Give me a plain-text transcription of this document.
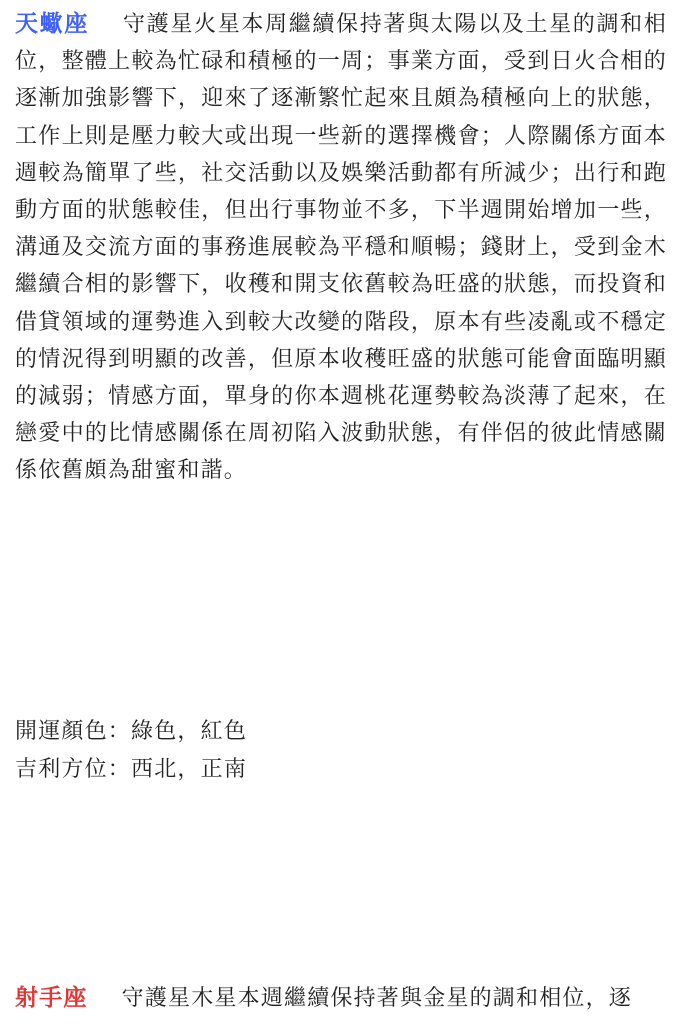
天蠍座 守護星火星本周繼續保持著與太陽以及土星的調和相位，整體上較為忙碌和積極的一周；事業方面，受到日火合相的逐漸加強影響下，迎來了逐漸繁忙起來且頗為積極向上的狀態，工作上則是壓力較大或出現一些新的選擇機會；人際關係方面本週較為簡單了些，社交活動以及娛樂活動都有所減少；出行和跑動方面的狀態較佳，但出行事物並不多，下半週開始增加一些，溝通及交流方面的事務進展較為平穩和順暢；錢財上，受到金木繼續合相的影響下，收穫和開支依舊較為旺盛的狀態，而投資和借貸領域的運勢進入到較大改變的階段，原本有些凌亂或不穩定的情況得到明顯的改善，但原本收穫旺盛的狀態可能會面臨明顯的減弱；情感方面，單身的你本週桃花運勢較為淡薄了起來，在戀愛中的比情感關係在周初陷入波動狀態，有伴侶的彼此情感關係依舊頗為甜蜜和諧。
開運顏色：綠色，紅色
吉利方位：西北，正南
射手座 守護星木星本週繼續保持著與金星的調和相位，逐
